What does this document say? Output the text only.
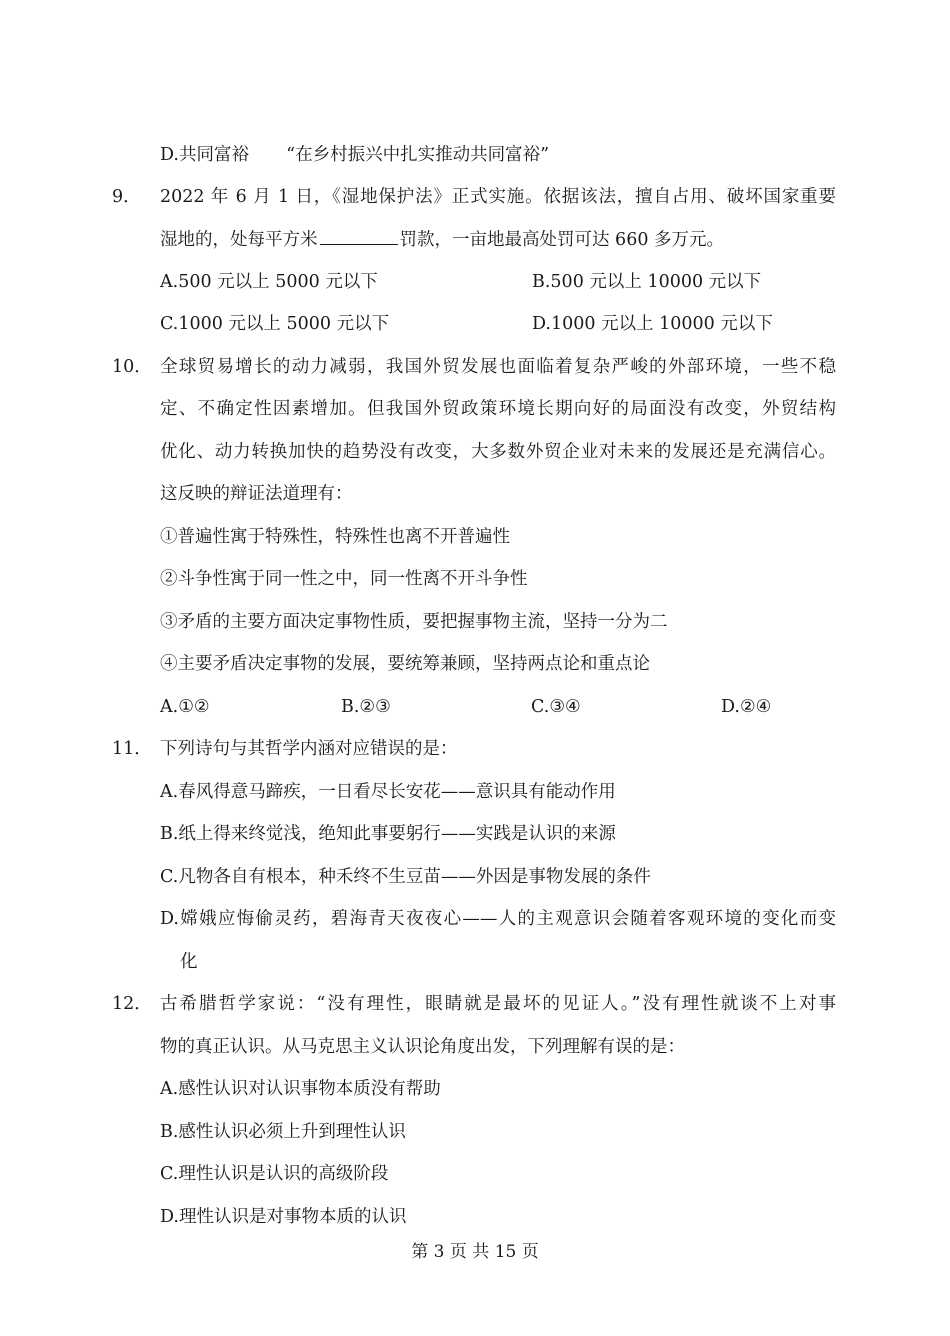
D.共同富裕 “在乡村振兴中扎实推动共同富裕”
9． 2022 年 6 月 1 日，《湿地保护法》正式实施。依据该法，擅自占用、破坏国家重要
湿地的，处每平方米	罚款，一亩地最高处罚可达 660 多万元。
A.500 元以上 5000 元以下	B.500 元以上 10000 元以下
C.1000 元以上 5000 元以下	D.1000 元以上 10000 元以下
10． 全球贸易增长的动力减弱，我国外贸发展也面临着复杂严峻的外部环境，一些不稳
定、不确定性因素增加。但我国外贸政策环境长期向好的局面没有改变，外贸结构
优化、动力转换加快的趋势没有改变，大多数外贸企业对未来的发展还是充满信心。
这反映的辩证法道理有：
①普遍性寓于特殊性，特殊性也离不开普遍性
②斗争性寓于同一性之中，同一性离不开斗争性
③矛盾的主要方面决定事物性质，要把握事物主流，坚持一分为二
④主要矛盾决定事物的发展，要统筹兼顾，坚持两点论和重点论
A.①②	B.②③	C.③④	D.②④
11． 下列诗句与其哲学内涵对应错误的是：
A.春风得意马蹄疾，一日看尽长安花——意识具有能动作用
B.纸上得来终觉浅，绝知此事要躬行——实践是认识的来源
C.凡物各自有根本，种禾终不生豆苗——外因是事物发展的条件
D.嫦娥应悔偷灵药，碧海青天夜夜心——人的主观意识会随着客观环境的变化而变
化
12． 古希腊哲学家说：“没有理性，眼睛就是最坏的见证人。”没有理性就谈不上对事
物的真正认识。从马克思主义认识论角度出发，下列理解有误的是：
A.感性认识对认识事物本质没有帮助
B.感性认识必须上升到理性认识
C.理性认识是认识的高级阶段
D.理性认识是对事物本质的认识
第 3 页 共 15 页
